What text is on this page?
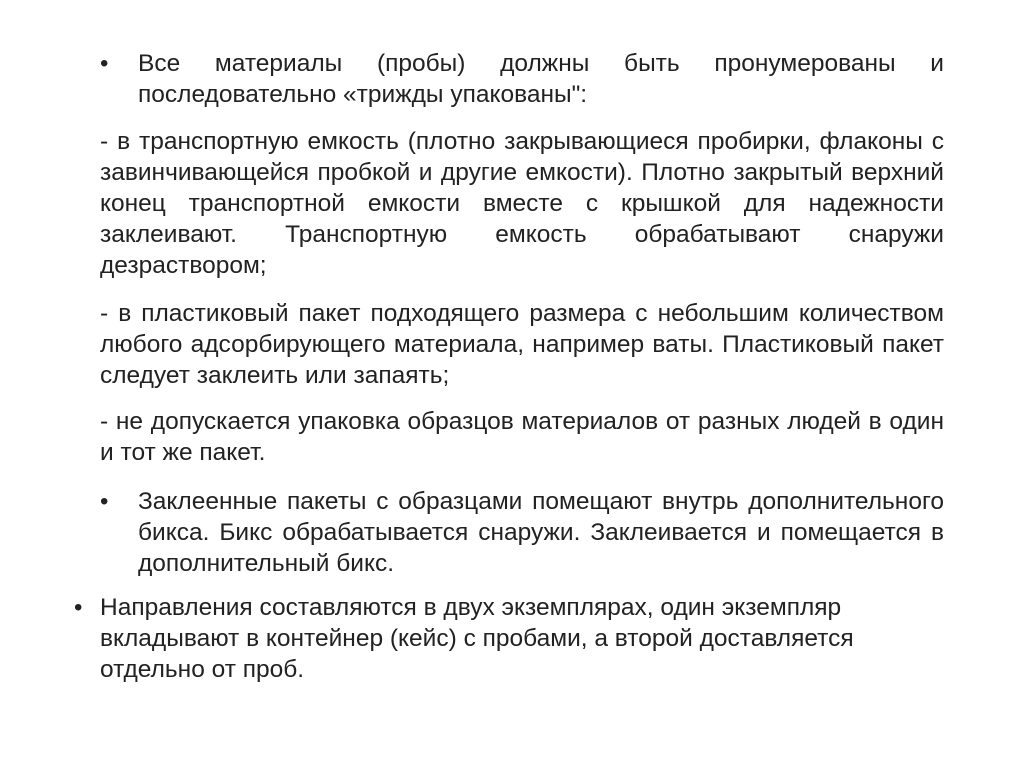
• Все материалы (пробы) должны быть пронумерованы и последовательно «трижды упакованы":
- в транспортную емкость (плотно закрывающиеся пробирки, флаконы с завинчивающейся пробкой и другие емкости). Плотно закрытый верхний конец транспортной емкости вместе с крышкой для надежности заклеивают. Транспортную емкость обрабатывают снаружи дезраствором;
- в пластиковый пакет подходящего размера с небольшим количеством любого адсорбирующего материала, например ваты. Пластиковый пакет следует заклеить или запаять;
- не допускается упаковка образцов материалов от разных людей в один и тот же пакет.
• Заклеенные пакеты с образцами помещают внутрь дополнительного бикса. Бикс обрабатывается снаружи. Заклеивается и помещается в дополнительный бикс.
• Направления составляются в двух экземплярах, один экземпляр вкладывают в контейнер (кейс) с пробами, а второй доставляется отдельно от проб.
